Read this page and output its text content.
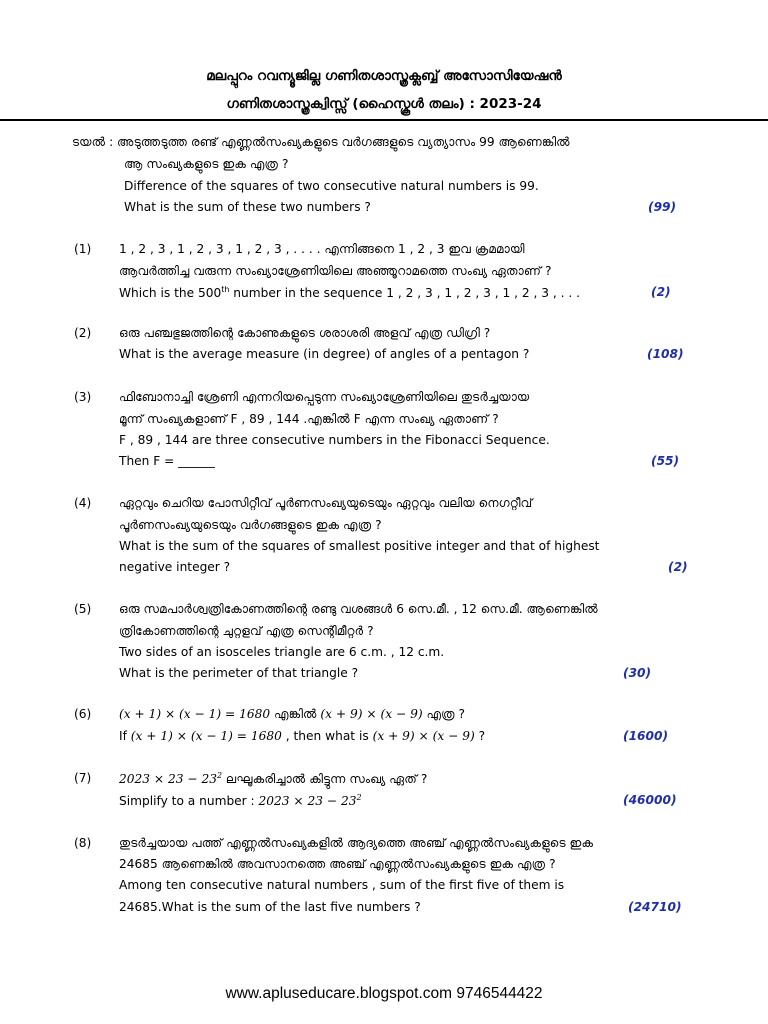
മലപ്പുറം റവന്യൂജില്ല ഗണിതശാസ്ത്രക്ലബ്ബ് അസോസിയേഷൻ
ഗണിതശാസ്ത്രക്വിസ്സ് (ഹൈസ്കൂൾ തലം) : 2023-24
ടയൽ : അടുത്തടുത്ത രണ്ട് എണ്ണൽസംഖ്യകളുടെ വർഗങ്ങളുടെ വ്യത്യാസം 99 ആണെങ്കിൽ
ആ സംഖ്യകളുടെ ഇക എത്ര ?
Difference of the squares of two consecutive natural numbers is 99.
What is the sum of these two numbers ?	(99)
(1) 1 , 2 , 3 , 1 , 2 , 3 , 1 , 2 , 3 , . . . . എന്നിങ്ങനെ 1 , 2 , 3 ഇവ ക്രമമായി
ആവർത്തിച്ച വരുന്ന സംഖ്യാശ്രേണിയിലെ അഞ്ഞൂറാമത്തെ സംഖ്യ ഏതാണ് ?
Which is the 500th number in the sequence 1 , 2 , 3 , 1 , 2 , 3 , 1 , 2 , 3 , . . .	(2)
(2) ഒരു പഞ്ചഭുജത്തിന്റെ കോണുകളുടെ ശരാശരി അളവ് എത്ര ഡിഗ്രി ?
What is the average measure (in degree) of angles of a pentagon ?	(108)
(3) ഫിബോനാച്ചി ശ്രേണി എന്നറിയപ്പെടുന്ന സംഖ്യാശ്രേണിയിലെ തുടർച്ചയായ
മൂന്ന് സംഖ്യകളാണ് F , 89 , 144 .എങ്കിൽ F എന്ന സംഖ്യ ഏതാണ് ?
F , 89 , 144 are three consecutive numbers in the Fibonacci Sequence.
Then F = ______	(55)
(4) ഏറ്റവും ചെറിയ പോസിറ്റീവ് പൂർണസംഖ്യയുടെയും ഏറ്റവും വലിയ നെഗറ്റീവ്
പൂർണസംഖ്യയുടെയും വർഗങ്ങളുടെ ഇക എത്ര ?
What is the sum of the squares of smallest positive integer and that of highest
negative integer ?	(2)
(5) ഒരു സമപാർശ്വത്രികോണത്തിന്റെ രണ്ടു വശങ്ങൾ 6 സെ.മീ. , 12 സെ.മീ. ആണെങ്കിൽ
ത്രികോണത്തിന്റെ ചുറ്റളവ് എത്ര സെന്റിമീറ്റർ ?
Two sides of an isosceles triangle are 6 c.m. , 12 c.m.
What is the perimeter of that triangle ?	(30)
(6) (x + 1) × (x − 1) = 1680 എങ്കിൽ (x + 9) × (x − 9) എത്ര ?
If (x + 1) × (x − 1) = 1680 , then what is (x + 9) × (x − 9) ?	(1600)
(7) $2023 \times 23 - 23^2$ ലഘൂകരിച്ചാൽ കിട്ടുന്ന സംഖ്യ ഏത് ?
Simplify to a number : $2023 \times 23 - 23^2$	(46000)
(8) തുടർച്ചയായ പത്ത് എണ്ണൽസംഖ്യകളിൽ ആദ്യത്തെ അഞ്ച് എണ്ണൽസംഖ്യകളുടെ ഇക
24685 ആണെങ്കിൽ അവസാനത്തെ അഞ്ച് എണ്ണൽസംഖ്യകളുടെ ഇക എത്ര ?
Among ten consecutive natural numbers , sum of the first five of them is
24685.What is the sum of the last five numbers ?	(24710)
www.apluseducare.blogspot.com 9746544422
